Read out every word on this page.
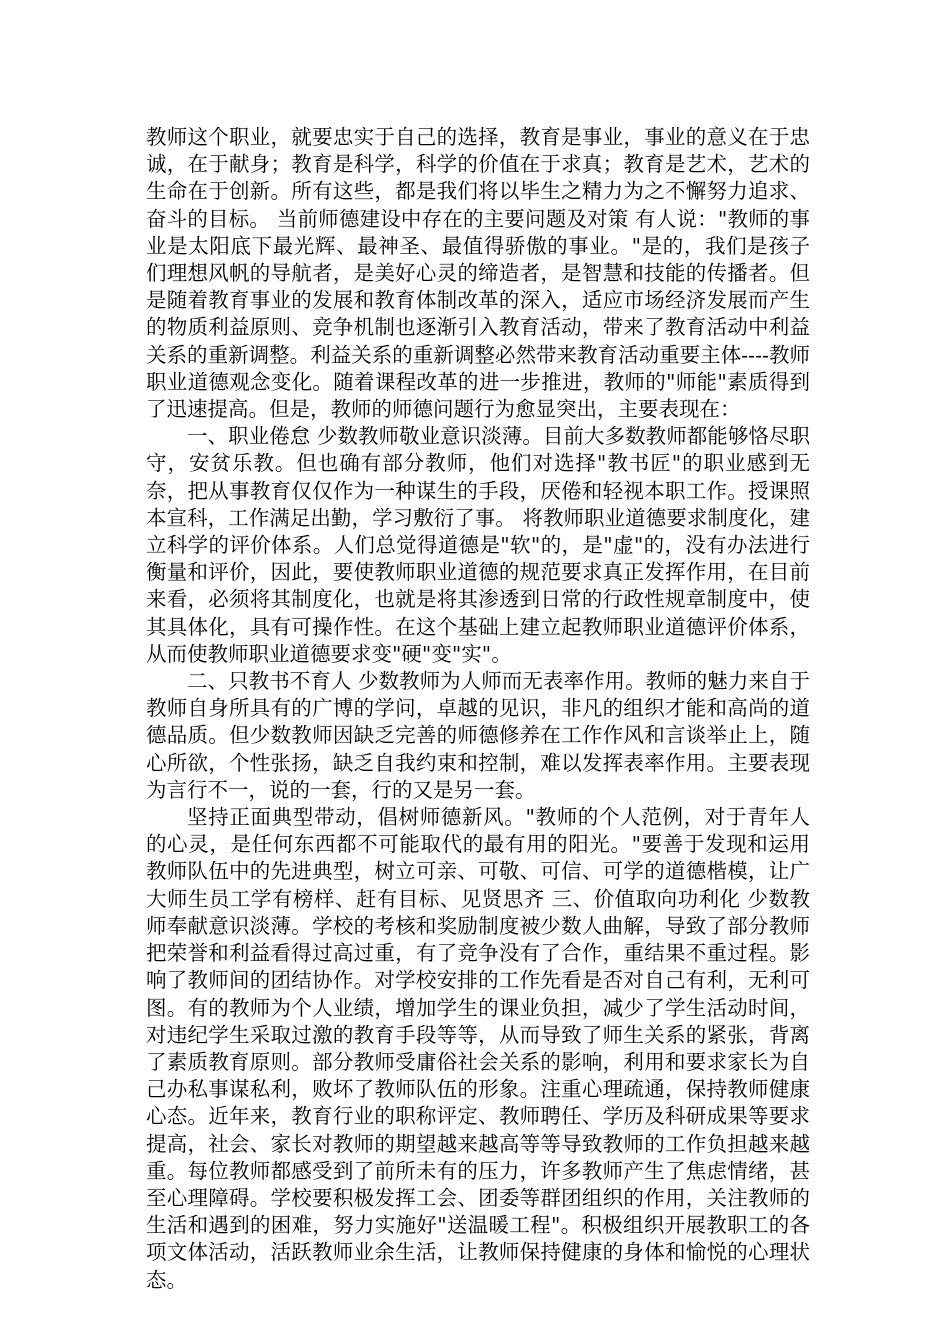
教师这个职业，就要忠实于自己的选择，教育是事业，事业的意义在于忠诚，在于献身；教育是科学，科学的价值在于求真；教育是艺术，艺术的生命在于创新。所有这些，都是我们将以毕生之精力为之不懈努力追求、奋斗的目标。 当前师德建设中存在的主要问题及对策 有人说："教师的事业是太阳底下最光辉、最神圣、最值得骄傲的事业。"是的，我们是孩子们理想风帆的导航者，是美好心灵的缔造者，是智慧和技能的传播者。但是随着教育事业的发展和教育体制改革的深入，适应市场经济发展而产生的物质利益原则、竞争机制也逐渐引入教育活动，带来了教育活动中利益关系的重新调整。利益关系的重新调整必然带来教育活动重要主体----教师职业道德观念变化。随着课程改革的进一步推进，教师的"师能"素质得到了迅速提高。但是，教师的师德问题行为愈显突出，主要表现在：

一、职业倦怠 少数教师敬业意识淡薄。目前大多数教师都能够恪尽职守，安贫乐教。但也确有部分教师，他们对选择"教书匠"的职业感到无奈，把从事教育仅仅作为一种谋生的手段，厌倦和轻视本职工作。授课照本宣科，工作满足出勤，学习敷衍了事。 将教师职业道德要求制度化，建立科学的评价体系。人们总觉得道德是"软"的，是"虚"的，没有办法进行衡量和评价，因此，要使教师职业道德的规范要求真正发挥作用，在目前来看，必须将其制度化，也就是将其渗透到日常的行政性规章制度中，使其具体化，具有可操作性。在这个基础上建立起教师职业道德评价体系，从而使教师职业道德要求变"硬"变"实"。

二、只教书不育人 少数教师为人师而无表率作用。教师的魅力来自于教师自身所具有的广博的学问，卓越的见识，非凡的组织才能和高尚的道德品质。但少数教师因缺乏完善的师德修养在工作作风和言谈举止上，随心所欲，个性张扬，缺乏自我约束和控制，难以发挥表率作用。主要表现为言行不一，说的一套，行的又是另一套。

坚持正面典型带动，倡树师德新风。"教师的个人范例，对于青年人的心灵，是任何东西都不可能取代的最有用的阳光。"要善于发现和运用教师队伍中的先进典型，树立可亲、可敬、可信、可学的道德楷模，让广大师生员工学有榜样、赶有目标、见贤思齐 三、价值取向功利化 少数教师奉献意识淡薄。学校的考核和奖励制度被少数人曲解，导致了部分教师把荣誉和利益看得过高过重，有了竞争没有了合作，重结果不重过程。影响了教师间的团结协作。对学校安排的工作先看是否对自己有利，无利可图。有的教师为个人业绩，增加学生的课业负担，减少了学生活动时间，对违纪学生采取过激的教育手段等等，从而导致了师生关系的紧张，背离了素质教育原则。部分教师受庸俗社会关系的影响，利用和要求家长为自己办私事谋私利，败坏了教师队伍的形象。注重心理疏通，保持教师健康心态。近年来，教育行业的职称评定、教师聘任、学历及科研成果等要求提高，社会、家长对教师的期望越来越高等等导致教师的工作负担越来越重。每位教师都感受到了前所未有的压力，许多教师产生了焦虑情绪，甚至心理障碍。学校要积极发挥工会、团委等群团组织的作用，关注教师的生活和遇到的困难，努力实施好"送温暖工程"。积极组织开展教职工的各项文体活动，活跃教师业余生活，让教师保持健康的身体和愉悦的心理状态。
